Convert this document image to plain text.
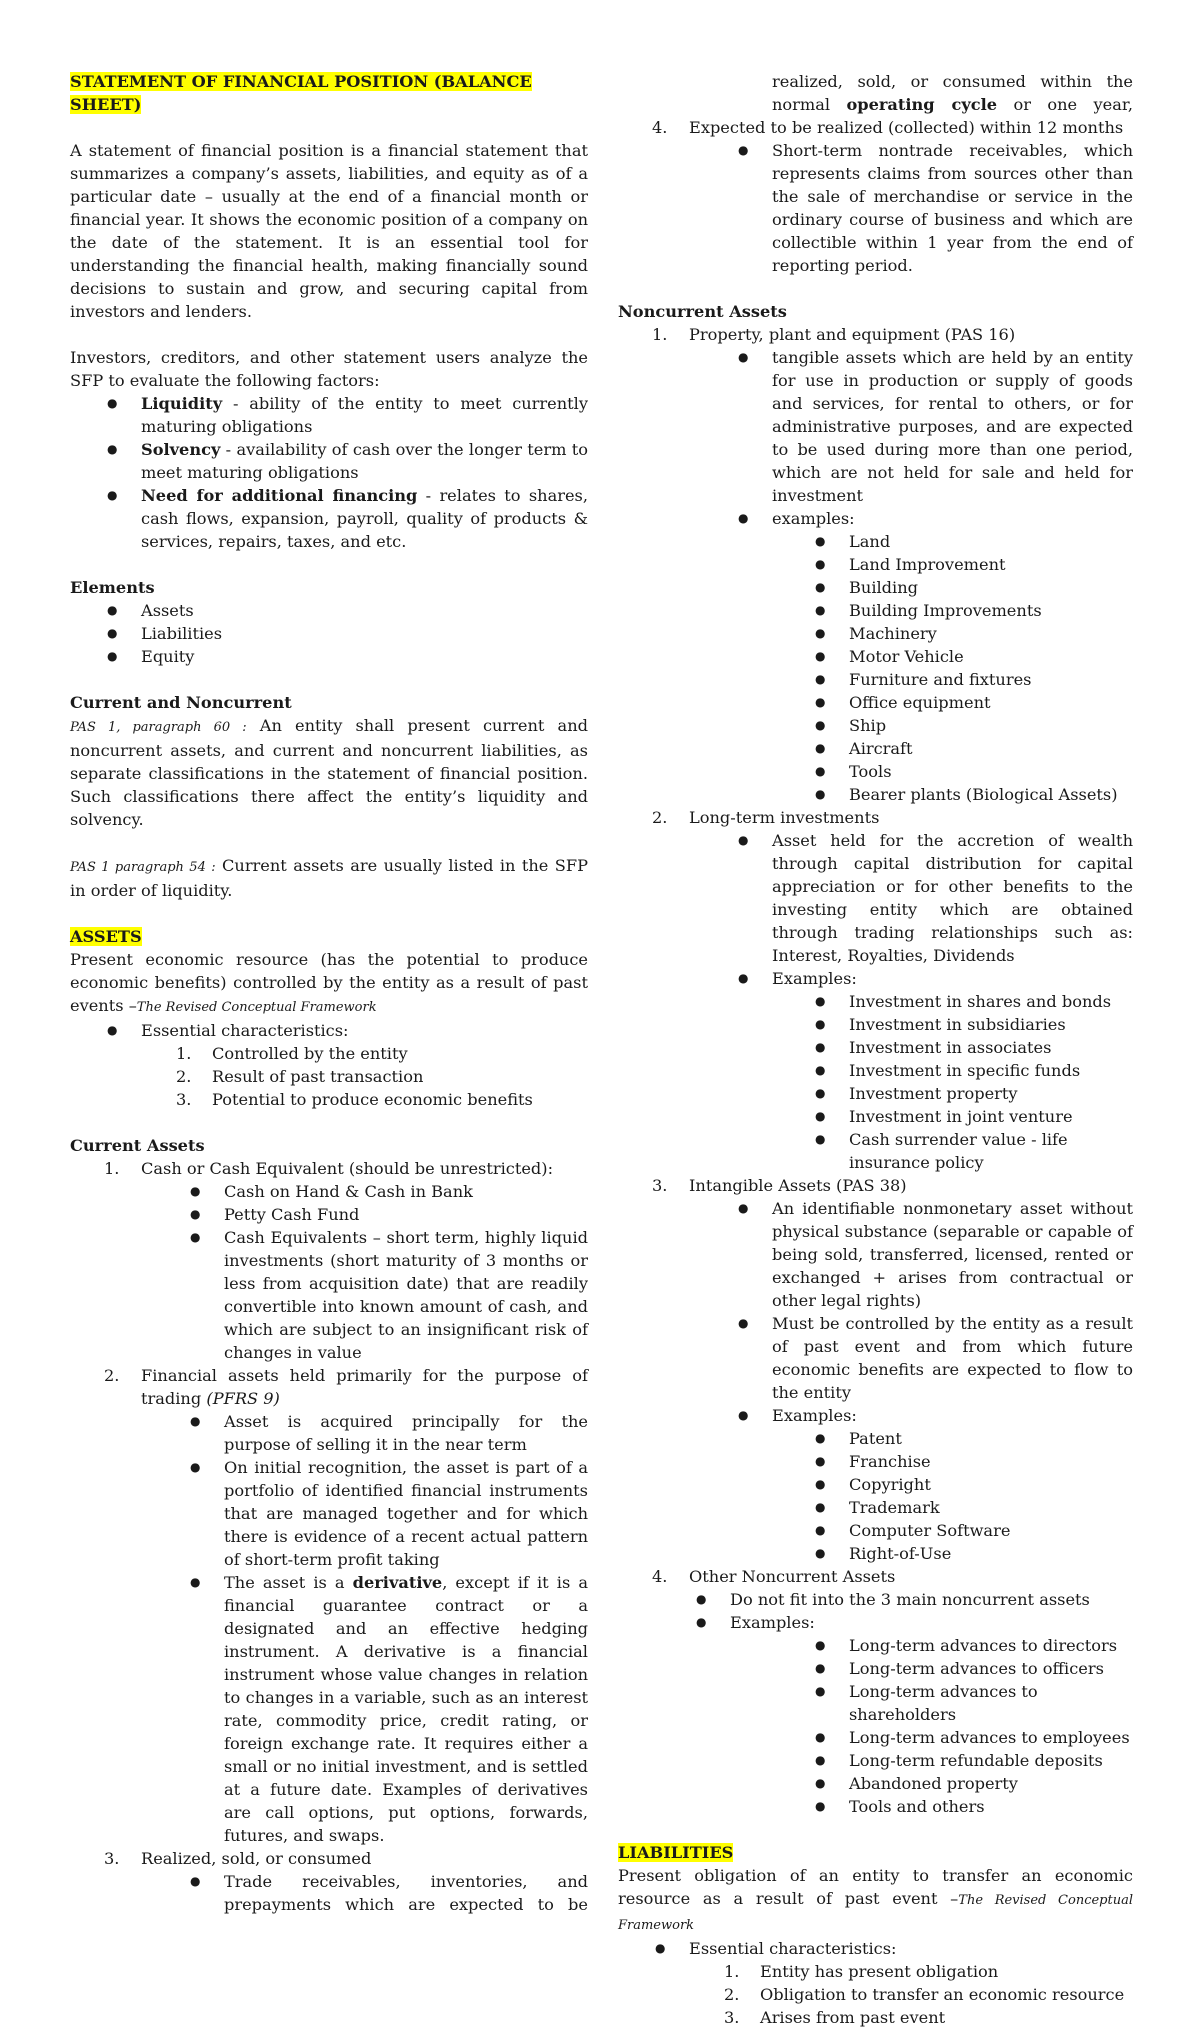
STATEMENT OF FINANCIAL POSITION (BALANCE SHEET)

A statement of financial position is a financial statement that summarizes a company’s assets, liabilities, and equity as of a particular date – usually at the end of a financial month or financial year. It shows the economic position of a company on the date of the statement. It is an essential tool for understanding the financial health, making financially sound decisions to sustain and grow, and securing capital from investors and lenders.

Investors, creditors, and other statement users analyze the SFP to evaluate the following factors:

● Liquidity - ability of the entity to meet currently maturing obligations
● Solvency - availability of cash over the longer term to meet maturing obligations
● Need for additional financing - relates to shares, cash flows, expansion, payroll, quality of products & services, repairs, taxes, and etc.

Elements

● Assets
● Liabilities
● Equity

Current and Noncurrent

PAS 1, paragraph 60 : An entity shall present current and noncurrent assets, and current and noncurrent liabilities, as separate classifications in the statement of financial position. Such classifications there affect the entity’s liquidity and solvency.

PAS 1 paragraph 54 : Current assets are usually listed in the SFP in order of liquidity.

ASSETS

Present economic resource (has the potential to produce economic benefits) controlled by the entity as a result of past events –The Revised Conceptual Framework

● Essential characteristics:
1. Controlled by the entity
2. Result of past transaction
3. Potential to produce economic benefits

Current Assets

1. Cash or Cash Equivalent (should be unrestricted):
● Cash on Hand & Cash in Bank
● Petty Cash Fund
● Cash Equivalents – short term, highly liquid investments (short maturity of 3 months or less from acquisition date) that are readily convertible into known amount of cash, and which are subject to an insignificant risk of changes in value
2. Financial assets held primarily for the purpose of trading (PFRS 9)
● Asset is acquired principally for the purpose of selling it in the near term
● On initial recognition, the asset is part of a portfolio of identified financial instruments that are managed together and for which there is evidence of a recent actual pattern of short-term profit taking
● The asset is a derivative, except if it is a financial guarantee contract or a designated and an effective hedging instrument. A derivative is a financial instrument whose value changes in relation to changes in a variable, such as an interest rate, commodity price, credit rating, or foreign exchange rate. It requires either a small or no initial investment, and is settled at a future date. Examples of derivatives are call options, put options, forwards, futures, and swaps.
3. Realized, sold, or consumed
● Trade receivables, inventories, and prepayments which are expected to be
realized, sold, or consumed within the normal operating cycle or one year,
4. Expected to be realized (collected) within 12 months
● Short-term nontrade receivables, which represents claims from sources other than the sale of merchandise or service in the ordinary course of business and which are collectible within 1 year from the end of reporting period.

Noncurrent Assets

1. Property, plant and equipment (PAS 16)
● tangible assets which are held by an entity for use in production or supply of goods and services, for rental to others, or for administrative purposes, and are expected to be used during more than one period, which are not held for sale and held for investment
● examples:
● Land
● Land Improvement
● Building
● Building Improvements
● Machinery
● Motor Vehicle
● Furniture and fixtures
● Office equipment
● Ship
● Aircraft
● Tools
● Bearer plants (Biological Assets)
2. Long-term investments
● Asset held for the accretion of wealth through capital distribution for capital appreciation or for other benefits to the investing entity which are obtained through trading relationships such as: Interest, Royalties, Dividends
● Examples:
● Investment in shares and bonds
● Investment in subsidiaries
● Investment in associates
● Investment in specific funds
● Investment property
● Investment in joint venture
● Cash surrender value - life insurance policy
3. Intangible Assets (PAS 38)
● An identifiable nonmonetary asset without physical substance (separable or capable of being sold, transferred, licensed, rented or exchanged + arises from contractual or other legal rights)
● Must be controlled by the entity as a result of past event and from which future economic benefits are expected to flow to the entity
● Examples:
● Patent
● Franchise
● Copyright
● Trademark
● Computer Software
● Right-of-Use
4. Other Noncurrent Assets
● Do not fit into the 3 main noncurrent assets
● Examples:
● Long-term advances to directors
● Long-term advances to officers
● Long-term advances to shareholders
● Long-term advances to employees
● Long-term refundable deposits
● Abandoned property
● Tools and others

LIABILITIES

Present obligation of an entity to transfer an economic resource as a result of past event –The Revised Conceptual Framework

● Essential characteristics:
1. Entity has present obligation
2. Obligation to transfer an economic resource
3. Arises from past event
